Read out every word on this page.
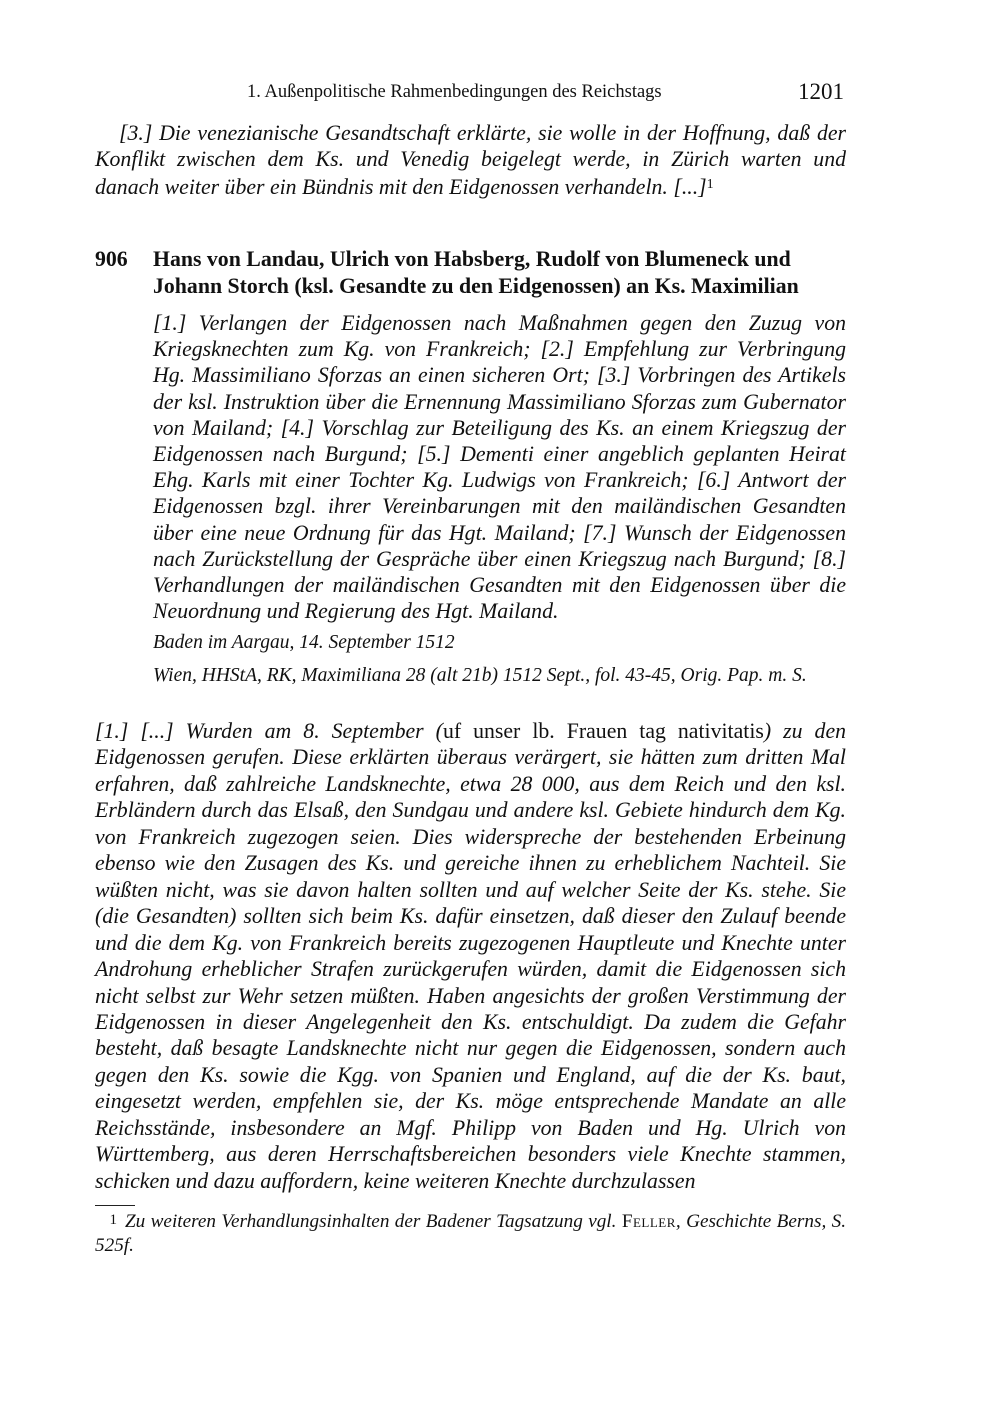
1. Außenpolitische Rahmenbedingungen des Reichstags	1201
[3.] Die venezianische Gesandtschaft erklärte, sie wolle in der Hoffnung, daß der Konflikt zwischen dem Ks. und Venedig beigelegt werde, in Zürich warten und danach weiter über ein Bündnis mit den Eidgenossen verhandeln. [...]$^1$
906 Hans von Landau, Ulrich von Habsberg, Rudolf von Blumeneck und Johann Storch (ksl. Gesandte zu den Eidgenossen) an Ks. Maximilian
[1.] Verlangen der Eidgenossen nach Maßnahmen gegen den Zuzug von Kriegsknechten zum Kg. von Frankreich; [2.] Empfehlung zur Verbringung Hg. Massimiliano Sforzas an einen sicheren Ort; [3.] Vorbringen des Artikels der ksl. Instruktion über die Ernennung Massimiliano Sforzas zum Gubernator von Mailand; [4.] Vorschlag zur Beteiligung des Ks. an einem Kriegszug der Eidgenossen nach Burgund; [5.] Dementi einer angeblich geplanten Heirat Ehg. Karls mit einer Tochter Kg. Ludwigs von Frankreich; [6.] Antwort der Eidgenossen bzgl. ihrer Vereinbarungen mit den mailändischen Gesandten über eine neue Ordnung für das Hgt. Mailand; [7.] Wunsch der Eidgenossen nach Zurückstellung der Gespräche über einen Kriegszug nach Burgund; [8.] Verhandlungen der mailändischen Gesandten mit den Eidgenossen über die Neuordnung und Regierung des Hgt. Mailand.
Baden im Aargau, 14. September 1512
Wien, HHStA, RK, Maximiliana 28 (alt 21b) 1512 Sept., fol. 43-45, Orig. Pap. m. S.
[1.] [...] Wurden am 8. September (uf unser lb. Frauen tag nativitatis) zu den Eidgenossen gerufen. Diese erklärten überaus verärgert, sie hätten zum dritten Mal erfahren, daß zahlreiche Landsknechte, etwa 28 000, aus dem Reich und den ksl. Erbländern durch das Elsaß, den Sundgau und andere ksl. Gebiete hindurch dem Kg. von Frankreich zugezogen seien. Dies widerspreche der bestehenden Erbeinung ebenso wie den Zusagen des Ks. und gereiche ihnen zu erheblichem Nachteil. Sie wüßten nicht, was sie davon halten sollten und auf welcher Seite der Ks. stehe. Sie (die Gesandten) sollten sich beim Ks. dafür einsetzen, daß dieser den Zulauf beende und die dem Kg. von Frankreich bereits zugezogenen Hauptleute und Knechte unter Androhung erheblicher Strafen zurückgerufen würden, damit die Eidgenossen sich nicht selbst zur Wehr setzen müßten. Haben angesichts der großen Verstimmung der Eidgenossen in dieser Angelegenheit den Ks. entschuldigt. Da zudem die Gefahr besteht, daß besagte Landsknechte nicht nur gegen die Eidgenossen, sondern auch gegen den Ks. sowie die Kgg. von Spanien und England, auf die der Ks. baut, eingesetzt werden, empfehlen sie, der Ks. möge entsprechende Mandate an alle Reichsstände, insbesondere an Mgf. Philipp von Baden und Hg. Ulrich von Württemberg, aus deren Herrschaftsbereichen besonders viele Knechte stammen, schicken und dazu auffordern, keine weiteren Knechte durchzulassen
1 Zu weiteren Verhandlungsinhalten der Badener Tagsatzung vgl. Feller, Geschichte Berns, S. 525f.
